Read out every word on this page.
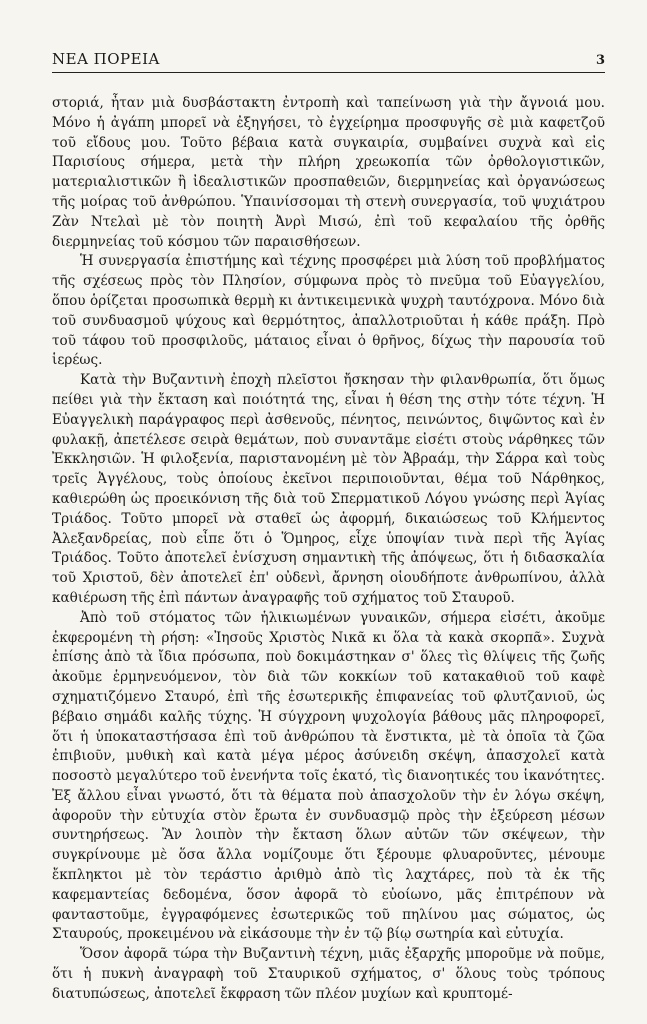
ΝΕΑ ΠΟΡΕΙΑ	3

στοριά, ἦταν μιὰ δυσβάστακτη ἐντροπὴ καὶ ταπείνωση γιὰ τὴν ἄγνοιά μου. Μόνο ἡ ἀγάπη μπορεῖ νὰ ἐξηγήσει, τὸ ἐγχείρημα προσφυγῆς σὲ μιὰ καφετζοῦ τοῦ εἴδους μου. Τοῦτο βέβαια κατὰ συγκαιρία, συμβαίνει συχνὰ καὶ εἰς Παρισίους σήμερα, μετὰ τὴν πλήρη χρεωκοπία τῶν ὀρθολογιστικῶν, ματεριαλιστικῶν ἢ ἰδεαλιστικῶν προσπαθειῶν, διερμηνείας καὶ ὀργανώσεως τῆς μοίρας τοῦ ἀνθρώπου. Ὑπαινίσσομαι τὴ στενὴ συνεργασία, τοῦ ψυχιάτρου Ζὰν Ντελαὶ μὲ τὸν ποιητὴ Ἀνρὶ Μισώ, ἐπὶ τοῦ κεφαλαίου τῆς ὀρθῆς διερμηνείας τοῦ κόσμου τῶν παραισθήσεων.

Ἡ συνεργασία ἐπιστήμης καὶ τέχνης προσφέρει μιὰ λύση τοῦ προβλήματος τῆς σχέσεως πρὸς τὸν Πλησίον, σύμφωνα πρὸς τὸ πνεῦμα τοῦ Εὐαγγελίου, ὅπου ὁρίζεται προσωπικὰ θερμὴ κι ἀντικειμενικὰ ψυχρὴ ταυτόχρονα. Μόνο διὰ τοῦ συνδυασμοῦ ψύχους καὶ θερμότητος, ἀπαλλοτριοῦται ἡ κάθε πράξη. Πρὸ τοῦ τάφου τοῦ προσφιλοῦς, μάταιος εἶναι ὁ θρῆνος, δίχως τὴν παρουσία τοῦ ἱερέως.

Κατὰ τὴν Βυζαντινὴ ἐποχὴ πλεῖστοι ἤσκησαν τὴν φιλανθρωπία, ὅτι ὅμως πείθει γιὰ τὴν ἔκταση καὶ ποιότητά της, εἶναι ἡ θέση της στὴν τότε τέχνη. Ἡ Εὐαγγελικὴ παράγραφος περὶ ἀσθενοῦς, πένητος, πεινώντος, διψῶντος καὶ ἐν φυλακῇ, ἀπετέλεσε σειρὰ θεμάτων, ποὺ συναντᾶμε εἰσέτι στοὺς νάρθηκες τῶν Ἐκκλησιῶν. Ἡ φιλοξενία, παριστανομένη μὲ τὸν Ἀβραάμ, τὴν Σάρρα καὶ τοὺς τρεῖς Ἀγγέλους, τοὺς ὁποίους ἐκεῖνοι περιποιοῦνται, θέμα τοῦ Νάρθηκος, καθιερώθη ὡς προεικόνιση τῆς διὰ τοῦ Σπερματικοῦ Λόγου γνώσης περὶ Ἁγίας Τριάδος. Τοῦτο μπορεῖ νὰ σταθεῖ ὡς ἀφορμή, δικαιώσεως τοῦ Κλήμεντος Ἀλεξανδρείας, ποὺ εἶπε ὅτι ὁ Ὅμηρος, εἶχε ὑποψίαν τινὰ περὶ τῆς Ἁγίας Τριάδος. Τοῦτο ἀποτελεῖ ἐνίσχυση σημαντικὴ τῆς ἀπόψεως, ὅτι ἡ διδασκαλία τοῦ Χριστοῦ, δὲν ἀποτελεῖ ἐπ' οὐδενὶ, ἄρνηση οἱουδήποτε ἀνθρωπίνου, ἀλλὰ καθιέρωση τῆς ἐπὶ πάντων ἀναγραφῆς τοῦ σχήματος τοῦ Σταυροῦ.

Ἀπὸ τοῦ στόματος τῶν ἡλικιωμένων γυναικῶν, σήμερα εἰσέτι, ἀκοῦμε ἐκφερομένη τὴ ρήση: «Ἰησοῦς Χριστὸς Νικᾶ κι ὅλα τὰ κακὰ σκορπᾶ». Συχνὰ ἐπίσης ἀπὸ τὰ ἴδια πρόσωπα, ποὺ δοκιμάστηκαν σ' ὅλες τὶς θλίψεις τῆς ζωῆς ἀκοῦμε ἑρμηνευόμενον, τὸν διὰ τῶν κοκκίων τοῦ κατακαθιοῦ τοῦ καφὲ σχηματιζόμενο Σταυρό, ἐπὶ τῆς ἐσωτερικῆς ἐπιφανείας τοῦ φλυτζανιοῦ, ὡς βέβαιο σημάδι καλῆς τύχης. Ἡ σύγχρονη ψυχολογία βάθους μᾶς πληροφορεῖ, ὅτι ἡ ὑποκαταστήσασα ἐπὶ τοῦ ἀνθρώπου τὰ ἔνστικτα, μὲ τὰ ὁποῖα τὰ ζῶα ἐπιβιοῦν, μυθικὴ καὶ κατὰ μέγα μέρος ἀσύνειδη σκέψη, ἀπασχολεῖ κατὰ ποσοστὸ μεγαλύτερο τοῦ ἐνενήντα τοῖς ἑκατό, τὶς διανοητικές του ἱκανότητες. Ἐξ ἄλλου εἶναι γνωστό, ὅτι τὰ θέματα ποὺ ἀπασχολοῦν τὴν ἐν λόγω σκέψη, ἀφοροῦν τὴν εὐτυχία στὸν ἔρωτα ἐν συνδυασμῷ πρὸς τὴν ἐξεύρεση μέσων συντηρήσεως. Ἂν λοιπὸν τὴν ἔκταση ὅλων αὐτῶν τῶν σκέψεων, τὴν συγκρίνουμε μὲ ὅσα ἄλλα νομίζουμε ὅτι ξέρουμε φλυαροῦντες, μένουμε ἔκπληκτοι μὲ τὸν τεράστιο ἀριθμὸ ἀπὸ τὶς λαχτάρες, ποὺ τὰ ἐκ τῆς καφεμαντείας δεδομένα, ὅσον ἀφορᾶ τὸ εὐοίωνο, μᾶς ἐπιτρέπουν νὰ φανταστοῦμε, ἐγγραφόμενες ἐσωτερικῶς τοῦ πηλίνου μας σώματος, ὡς Σταυρούς, προκειμένου νὰ εἰκάσουμε τὴν ἐν τῷ βίῳ σωτηρία καὶ εὐτυχία.

Ὅσον ἀφορᾶ τώρα τὴν Βυζαντινὴ τέχνη, μιᾶς ἐξαρχῆς μποροῦμε νὰ ποῦμε, ὅτι ἡ πυκνὴ ἀναγραφὴ τοῦ Σταυρικοῦ σχήματος, σ' ὅλους τοὺς τρόπους διατυπώσεως, ἀποτελεῖ ἔκφραση τῶν πλέον μυχίων καὶ κρυπτομέ-
